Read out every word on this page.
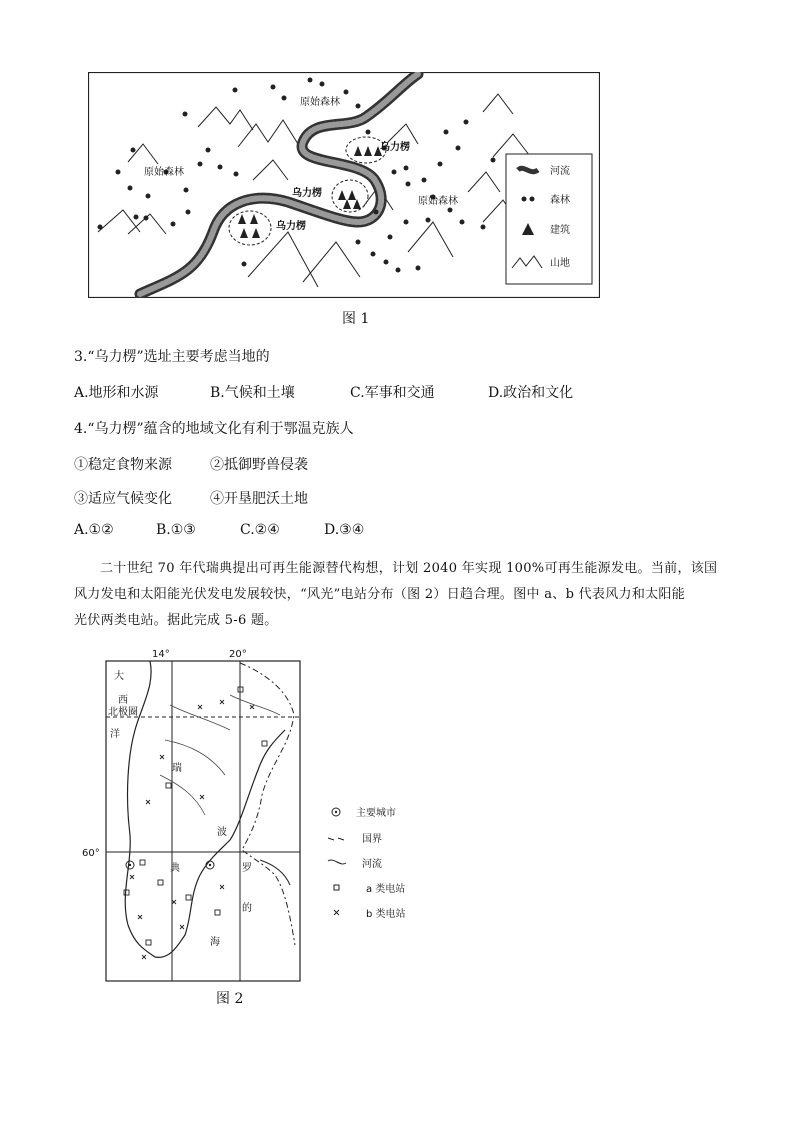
原始森林
原始森林
原始森林
乌力楞
乌力楞
乌力楞
河流
森林
建筑
山地
图 1
3.“乌力楞”选址主要考虑当地的
A.地形和水源	B.气候和土壤	C.军事和交通	D.政治和文化
4.“乌力楞”蕴含的地域文化有利于鄂温克族人
①稳定食物来源	②抵御野兽侵袭
③适应气候变化	④开垦肥沃土地
A.①②	B.①③	C.②④	D.③④
二十世纪 70 年代瑞典提出可再生能源替代构想，计划 2040 年实现 100%可再生能源发电。当前，该国
风力发电和太阳能光伏发电发展较快，“风光”电站分布（图 2）日趋合理。图中 a、b 代表风力和太阳能
光伏两类电站。据此完成 5-6 题。
14°	20°
60°
北极圈
大
西
洋
瑞
典
波
罗
的
海
主要城市
国界
河流
a 类电站
b 类电站
图 2
